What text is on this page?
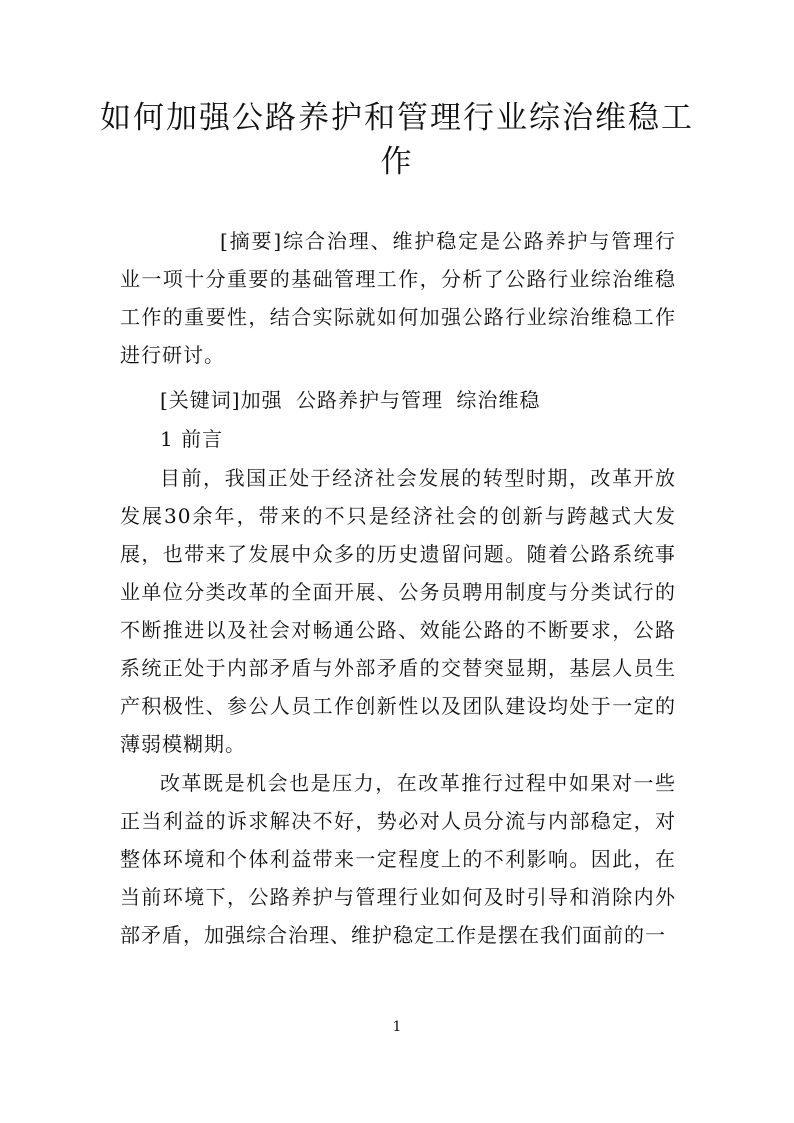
如何加强公路养护和管理行业综治维稳工作

[摘要]综合治理、维护稳定是公路养护与管理行业一项十分重要的基础管理工作，分析了公路行业综治维稳工作的重要性，结合实际就如何加强公路行业综治维稳工作进行研讨。

[关键词]加强 公路养护与管理 综治维稳

1 前言

目前，我国正处于经济社会发展的转型时期，改革开放发展30余年，带来的不只是经济社会的创新与跨越式大发展，也带来了发展中众多的历史遗留问题。随着公路系统事业单位分类改革的全面开展、公务员聘用制度与分类试行的不断推进以及社会对畅通公路、效能公路的不断要求，公路系统正处于内部矛盾与外部矛盾的交替突显期，基层人员生产积极性、参公人员工作创新性以及团队建设均处于一定的薄弱模糊期。

改革既是机会也是压力，在改革推行过程中如果对一些正当利益的诉求解决不好，势必对人员分流与内部稳定，对整体环境和个体利益带来一定程度上的不利影响。因此，在当前环境下，公路养护与管理行业如何及时引导和消除内外部矛盾，加强综合治理、维护稳定工作是摆在我们面前的一

1
